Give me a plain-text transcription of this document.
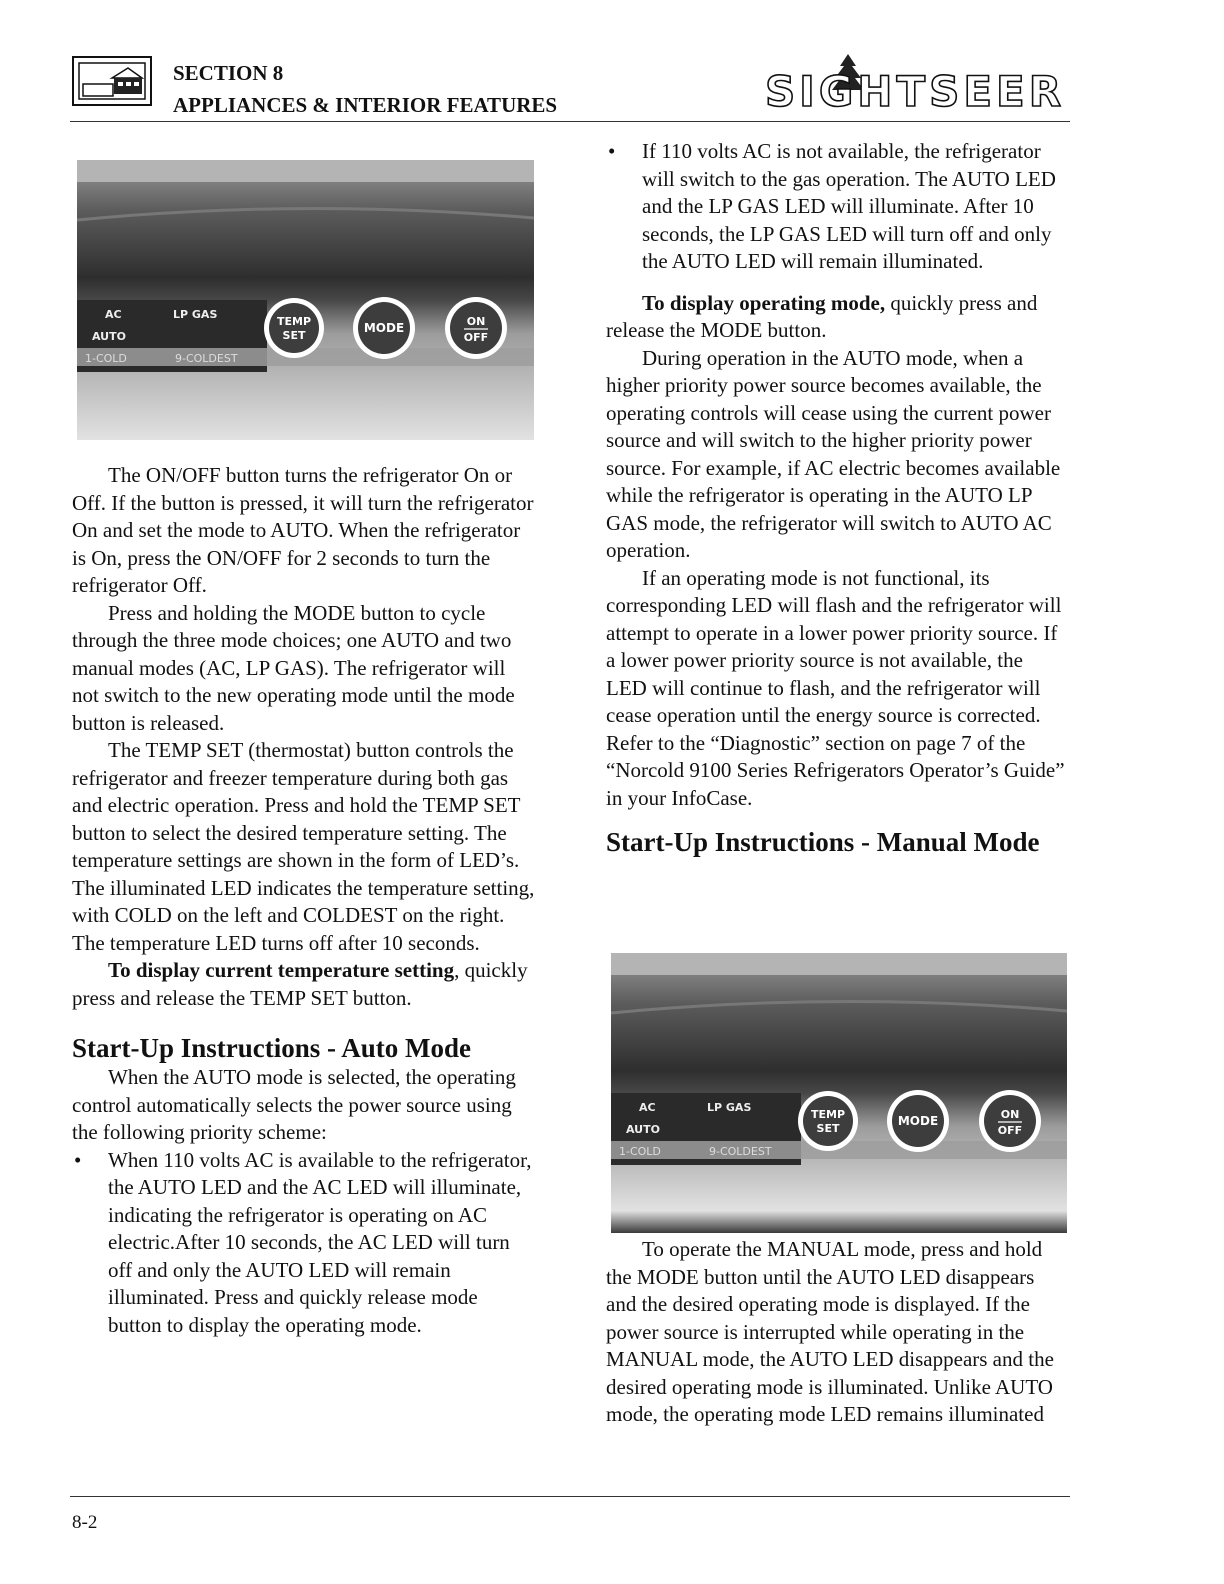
SECTION 8
APPLIANCES & INTERIOR FEATURES	SIGHTSEER
AC	LP GAS
AUTO
1-COLD	9-COLDEST
TEMP
SET
MODE	ON
OFF

The ON/OFF button turns the refrigerator On or Off. If the button is pressed, it will turn the refrigerator On and set the mode to AUTO. When the refrigerator is On, press the ON/OFF for 2 seconds to turn the refrigerator Off.

Press and holding the MODE button to cycle through the three mode choices; one AUTO and two manual modes (AC, LP GAS). The refrigerator will not switch to the new operating mode until the mode button is released.

The TEMP SET (thermostat) button controls the refrigerator and freezer temperature during both gas and electric operation. Press and hold the TEMP SET button to select the desired temperature setting. The temperature settings are shown in the form of LED’s. The illuminated LED indicates the temperature setting, with COLD on the left and COLDEST on the right. The temperature LED turns off after 10 seconds.

To display current temperature setting, quickly press and release the TEMP SET button.

Start-Up Instructions - Auto Mode

When the AUTO mode is selected, the operating control automatically selects the power source using the following priority scheme:

• When 110 volts AC is available to the refrigerator, the AUTO LED and the AC LED will illuminate, indicating the refrigerator is operating on AC electric.After 10 seconds, the AC LED will turn off and only the AUTO LED will remain illuminated. Press and quickly release mode button to display the operating mode.
• If 110 volts AC is not available, the refrigerator will switch to the gas operation. The AUTO LED and the LP GAS LED will illuminate. After 10 seconds, the LP GAS LED will turn off and only the AUTO LED will remain illuminated.

To display operating mode, quickly press and release the MODE button.

During operation in the AUTO mode, when a higher priority power source becomes available, the operating controls will cease using the current power source and will switch to the higher priority power source. For example, if AC electric becomes available while the refrigerator is operating in the AUTO LP GAS mode, the refrigerator will switch to AUTO AC operation.

If an operating mode is not functional, its corresponding LED will flash and the refrigerator will attempt to operate in a lower power priority source. If a lower power priority source is not available, the LED will continue to flash, and the refrigerator will cease operation until the energy source is corrected. Refer to the “Diagnostic” section on page 7 of the “Norcold 9100 Series Refrigerators Operator’s Guide” in your InfoCase.

Start-Up Instructions - Manual Mode
AC	LP GAS
AUTO
1-COLD	9-COLDEST
TEMP
SET
MODE	ON
OFF

To operate the MANUAL mode, press and hold the MODE button until the AUTO LED disappears and the desired operating mode is displayed. If the power source is interrupted while operating in the MANUAL mode, the AUTO LED disappears and the desired operating mode is illuminated. Unlike AUTO mode, the operating mode LED remains illuminated

8-2
